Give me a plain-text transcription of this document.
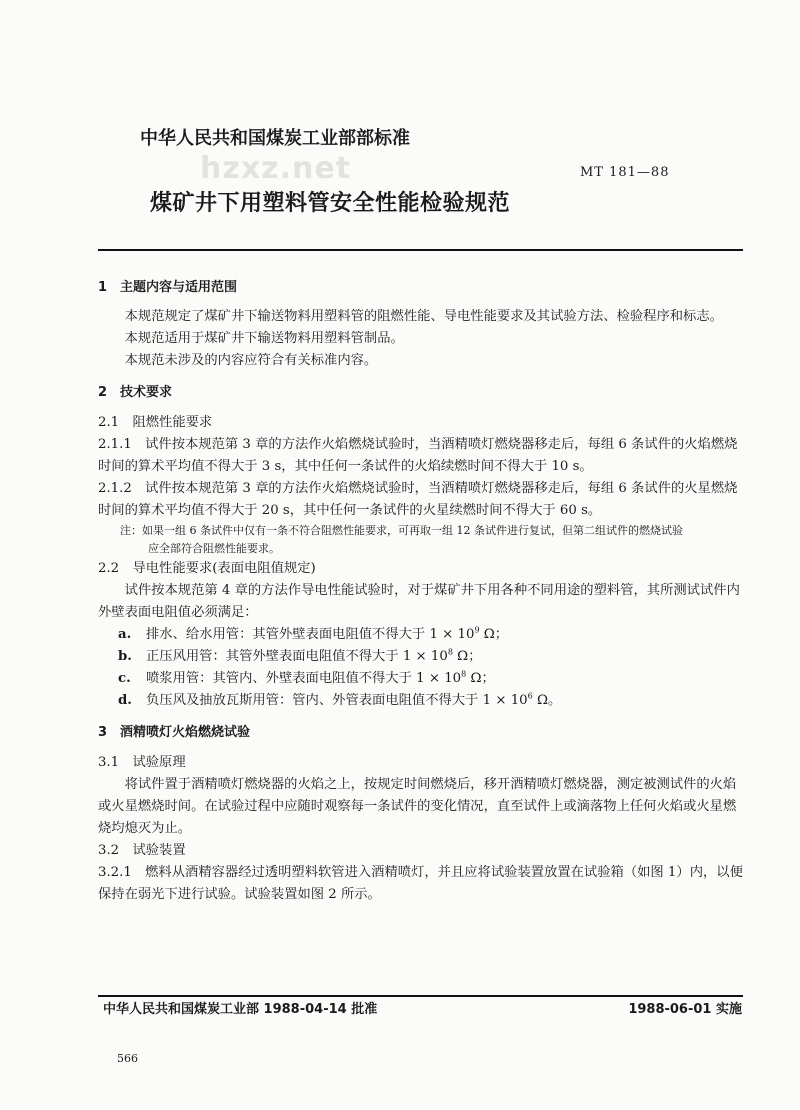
中华人民共和国煤炭工业部部标准
hzxz.net	MT 181—88
煤矿井下用塑料管安全性能检验规范
1　主题内容与适用范围
本规范规定了煤矿井下输送物料用塑料管的阻燃性能、导电性能要求及其试验方法、检验程序和标志。
本规范适用于煤矿井下输送物料用塑料管制品。
本规范未涉及的内容应符合有关标准内容。
2　技术要求
2.1　阻燃性能要求
2.1.1　试件按本规范第 3 章的方法作火焰燃烧试验时，当酒精喷灯燃烧器移走后，每组 6 条试件的火焰燃烧时间的算术平均值不得大于 3 s，其中任何一条试件的火焰续燃时间不得大于 10 s。
2.1.2　试件按本规范第 3 章的方法作火焰燃烧试验时，当酒精喷灯燃烧器移走后，每组 6 条试件的火星燃烧时间的算术平均值不得大于 20 s，其中任何一条试件的火星续燃时间不得大于 60 s。
注：如果一组 6 条试件中仅有一条不符合阻燃性能要求，可再取一组 12 条试件进行复试，但第二组试件的燃烧试验
应全部符合阻燃性能要求。
2.2　导电性能要求(表面电阻值规定)
试件按本规范第 4 章的方法作导电性能试验时，对于煤矿井下用各种不同用途的塑料管，其所测试试件内外壁表面电阻值必须满足：
a. 排水、给水用管：其管外壁表面电阻值不得大于 $1 \times 10^9$ Ω；
b. 正压风用管：其管外壁表面电阻值不得大于 $1 \times 10^8$ Ω；
c. 喷浆用管：其管内、外壁表面电阻值不得大于 $1 \times 10^8$ Ω；
d. 负压风及抽放瓦斯用管：管内、外管表面电阻值不得大于 $1 \times 10^6$ Ω。
3　酒精喷灯火焰燃烧试验
3.1　试验原理
将试件置于酒精喷灯燃烧器的火焰之上，按规定时间燃烧后，移开酒精喷灯燃烧器，测定被测试件的火焰或火星燃烧时间。在试验过程中应随时观察每一条试件的变化情况，直至试件上或滴落物上任何火焰或火星燃烧均熄灭为止。
3.2　试验装置
3.2.1　燃料从酒精容器经过透明塑料软管进入酒精喷灯，并且应将试验装置放置在试验箱（如图 1）内，以便保持在弱光下进行试验。试验装置如图 2 所示。
中华人民共和国煤炭工业部 1988-04-14 批准	1988-06-01 实施
566
